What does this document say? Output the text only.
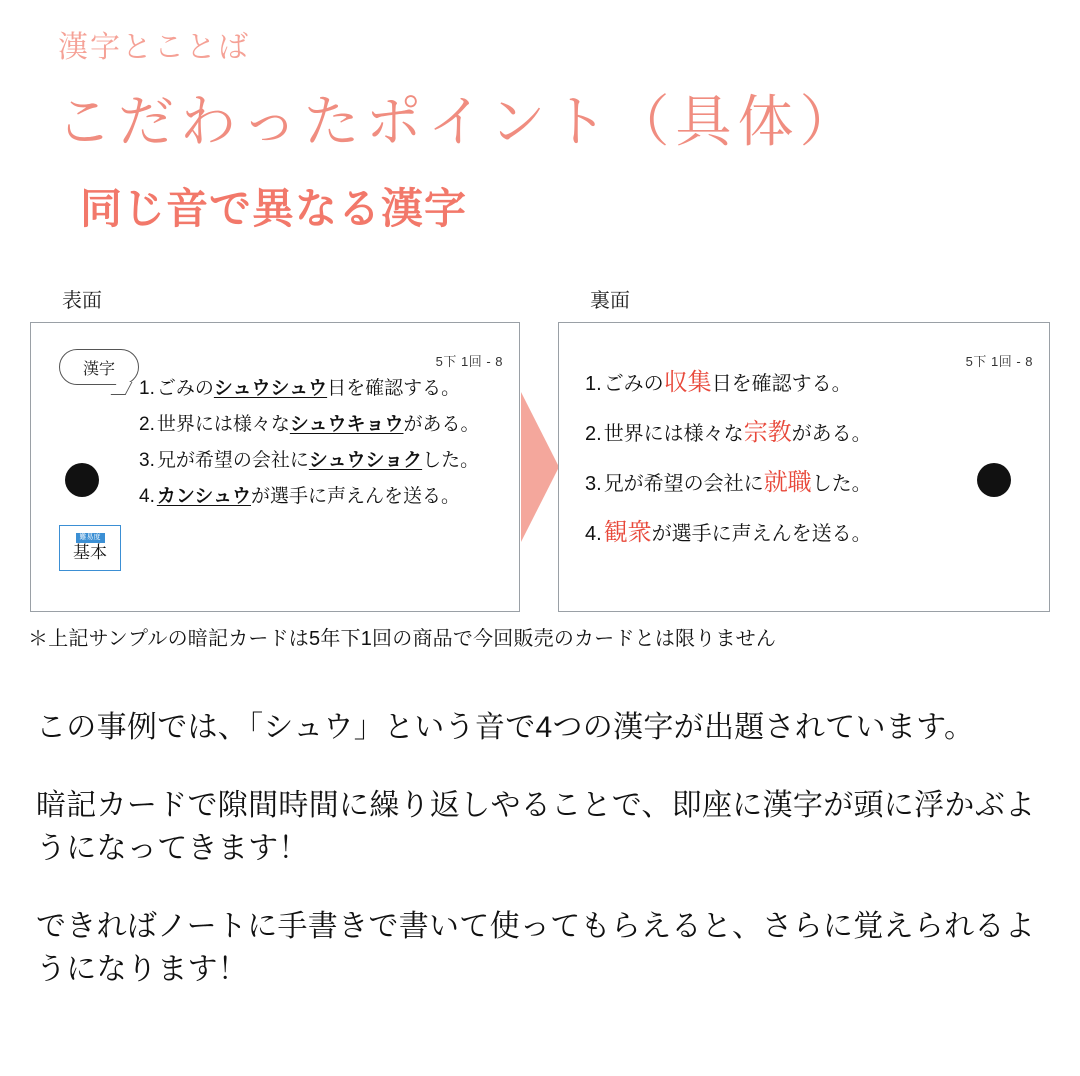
漢字とことば
こだわったポイント（具体）
同じ音で異なる漢字
表面	裏面
漢字	5下 1回 - 8
難易度
基本
1. ごみのシュウシュウ日を確認する。
2. 世界には様々なシュウキョウがある。
3. 兄が希望の会社にシュウショクした。
4. カンシュウが選手に声えんを送る。
5下 1回 - 8
1. ごみの収集日を確認する。
2. 世界には様々な宗教がある。
3. 兄が希望の会社に就職した。
4.観衆が選手に声えんを送る。
＊上記サンプルの暗記カードは5年下1回の商品で今回販売のカードとは限りません

この事例では、「シュウ」という音で4つの漢字が出題されています。

暗記カードで隙間時間に繰り返しやることで、即座に漢字が頭に浮かぶようになってきます！

できればノートに手書きで書いて使ってもらえると、さらに覚えられるようになります！
